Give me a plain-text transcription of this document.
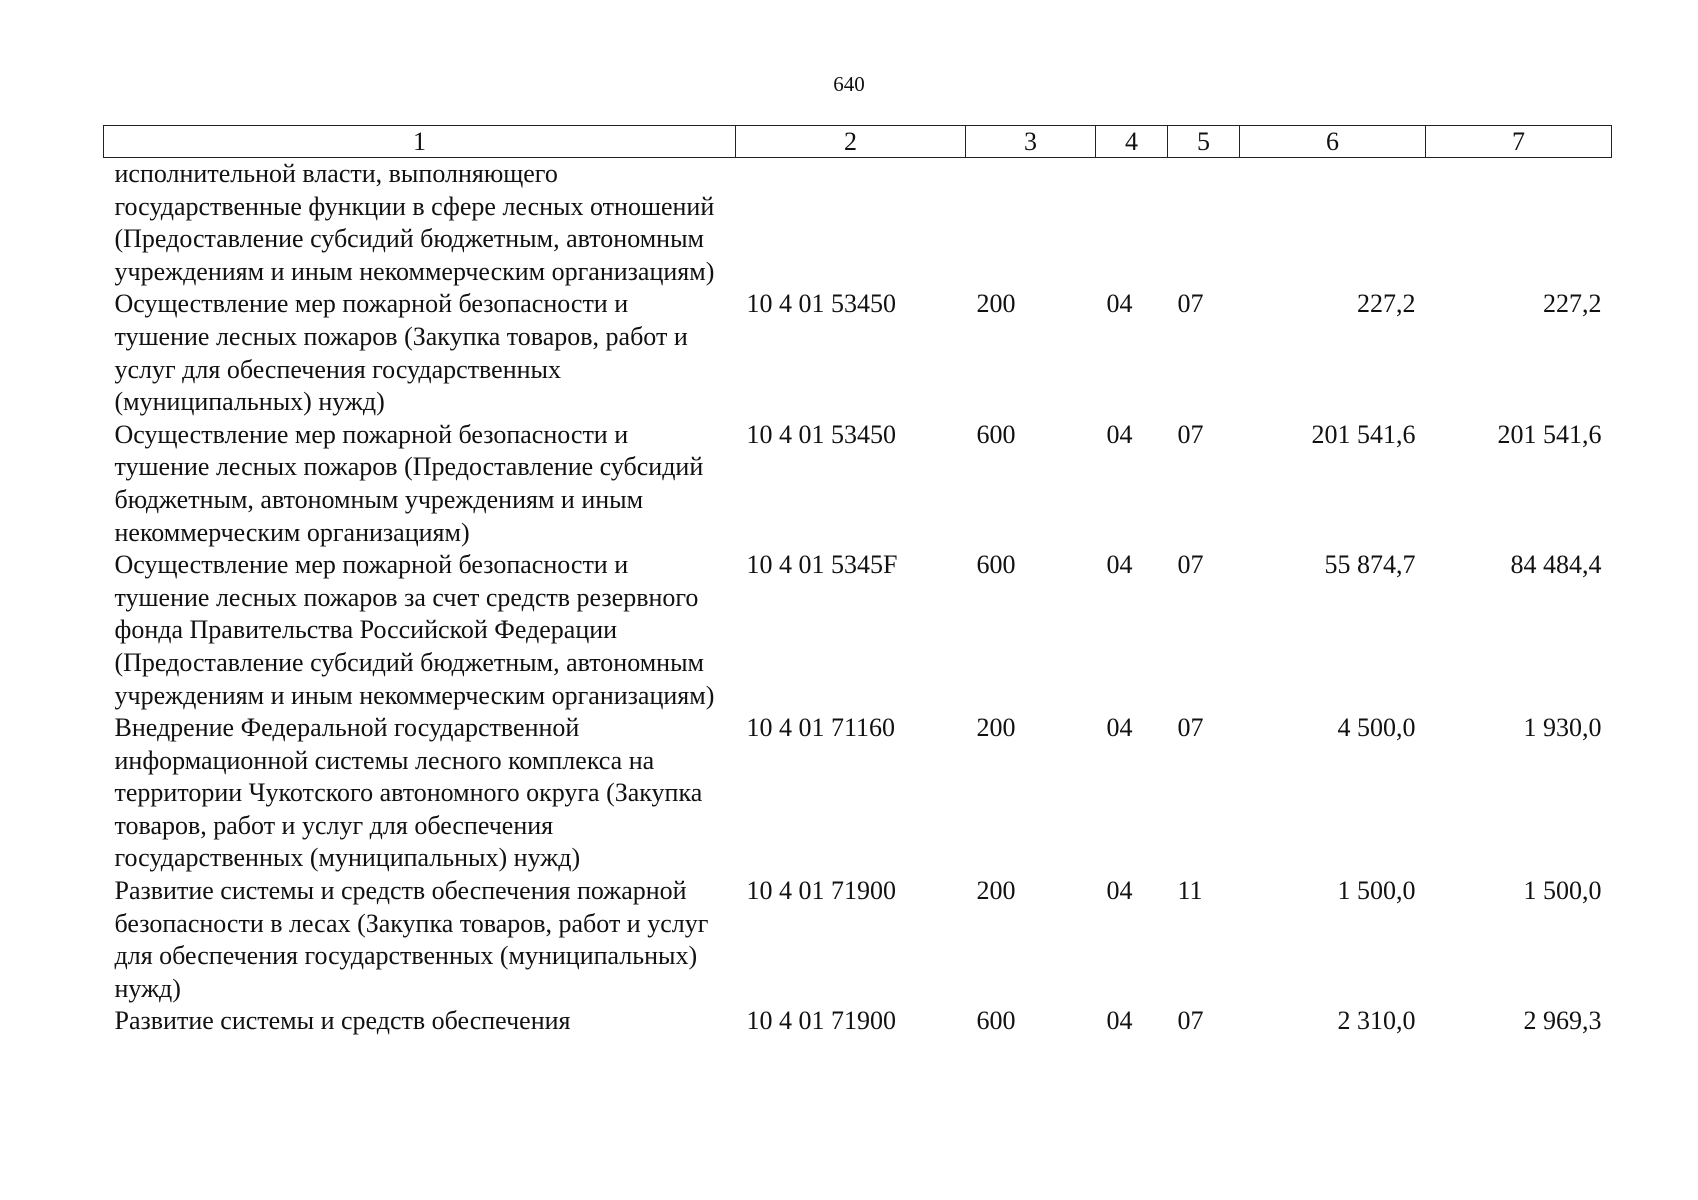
640
1	2	3	4	5	6	7
исполнительной власти, выполняющего государственные функции в сфере лесных отношений (Предоставление субсидий бюджетным, автономным учреждениям и иным некоммерческим организациям)						
Осуществление мер пожарной безопасности и тушение лесных пожаров (Закупка товаров, работ и услуг для обеспечения государственных (муниципальных) нужд)	10 4 01 53450	200	04	07	227,2	227,2
Осуществление мер пожарной безопасности и тушение лесных пожаров (Предоставление субсидий бюджетным, автономным учреждениям и иным некоммерческим организациям)	10 4 01 53450	600	04	07	201 541,6	201 541,6
Осуществление мер пожарной безопасности и тушение лесных пожаров за счет средств резервного фонда Правительства Российской Федерации (Предоставление субсидий бюджетным, автономным учреждениям и иным некоммерческим организациям)	10 4 01 5345F	600	04	07	55 874,7	84 484,4
Внедрение Федеральной государственной информационной системы лесного комплекса на территории Чукотского автономного округа (Закупка товаров, работ и услуг для обеспечения государственных (муниципальных) нужд)	10 4 01 71160	200	04	07	4 500,0	1 930,0
Развитие системы и средств обеспечения пожарной безопасности в лесах (Закупка товаров, работ и услуг для обеспечения государственных (муниципальных) нужд)	10 4 01 71900	200	04	11	1 500,0	1 500,0
Развитие системы и средств обеспечения	10 4 01 71900	600	04	07	2 310,0	2 969,3
